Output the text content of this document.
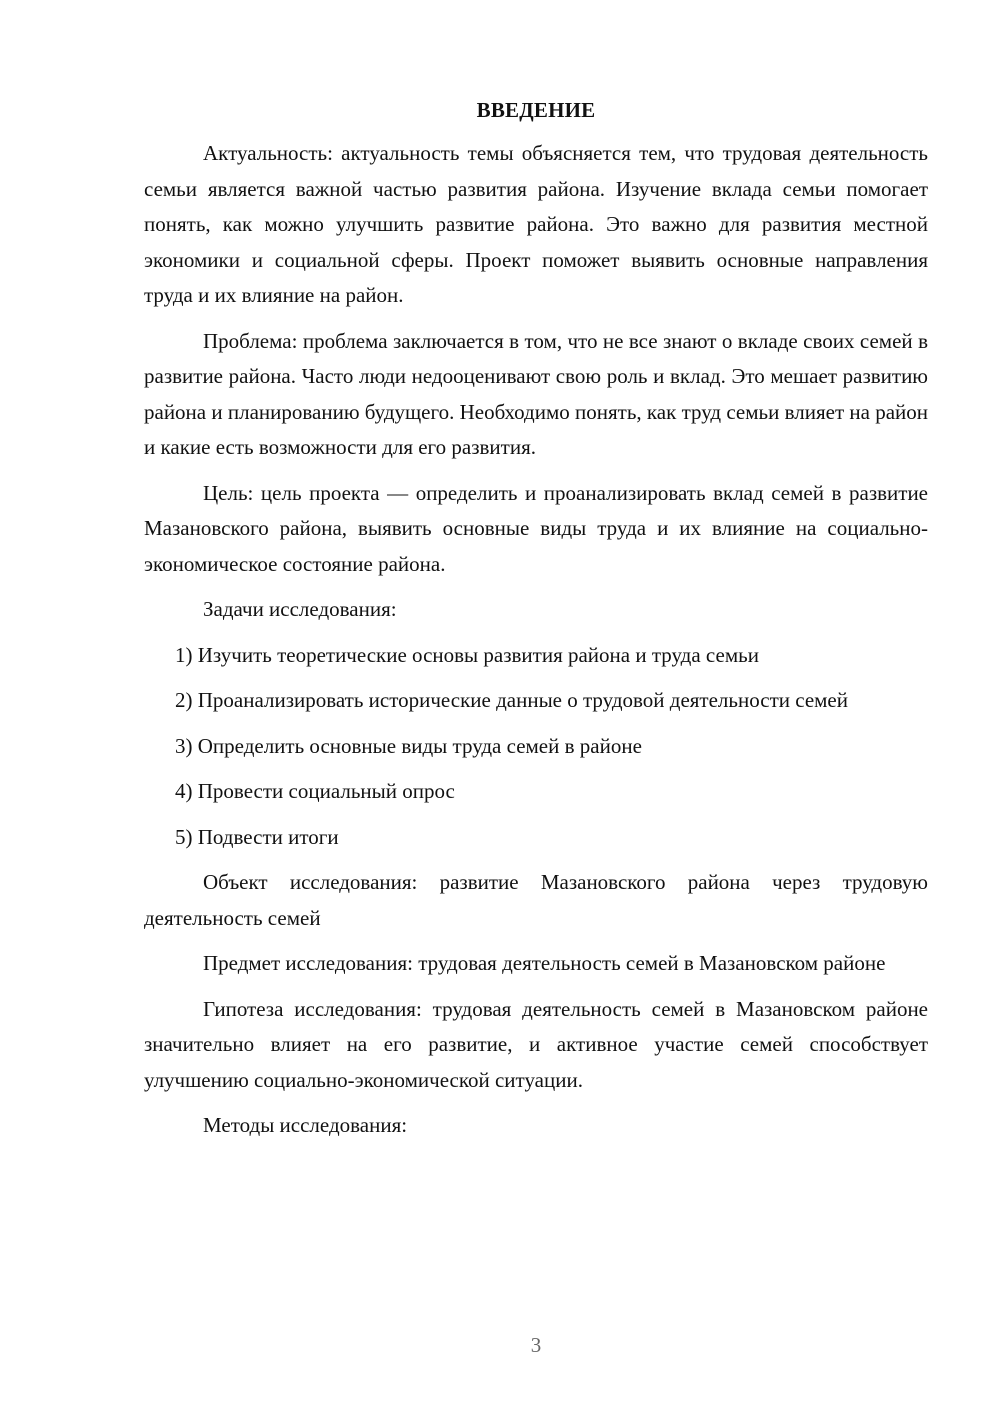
ВВЕДЕНИЕ

Актуальность: актуальность темы объясняется тем, что трудовая деятельность семьи является важной частью развития района. Изучение вклада семьи помогает понять, как можно улучшить развитие района. Это важно для развития местной экономики и социальной сферы. Проект поможет выявить основные направления труда и их влияние на район.

Проблема: проблема заключается в том, что не все знают о вкладе своих семей в развитие района. Часто люди недооценивают свою роль и вклад. Это мешает развитию района и планированию будущего. Необходимо понять, как труд семьи влияет на район и какие есть возможности для его развития.

Цель: цель проекта — определить и проанализировать вклад семей в развитие Мазановского района, выявить основные виды труда и их влияние на социально-экономическое состояние района.

Задачи исследования:

1) Изучить теоретические основы развития района и труда семьи

2) Проанализировать исторические данные о трудовой деятельности семей

3) Определить основные виды труда семей в районе

4) Провести социальный опрос

5) Подвести итоги

Объект исследования: развитие Мазановского района через трудовую деятельность семей

Предмет исследования: трудовая деятельность семей в Мазановском районе

Гипотеза исследования: трудовая деятельность семей в Мазановском районе значительно влияет на его развитие, и активное участие семей способствует улучшению социально-экономической ситуации.

Методы исследования:

3
